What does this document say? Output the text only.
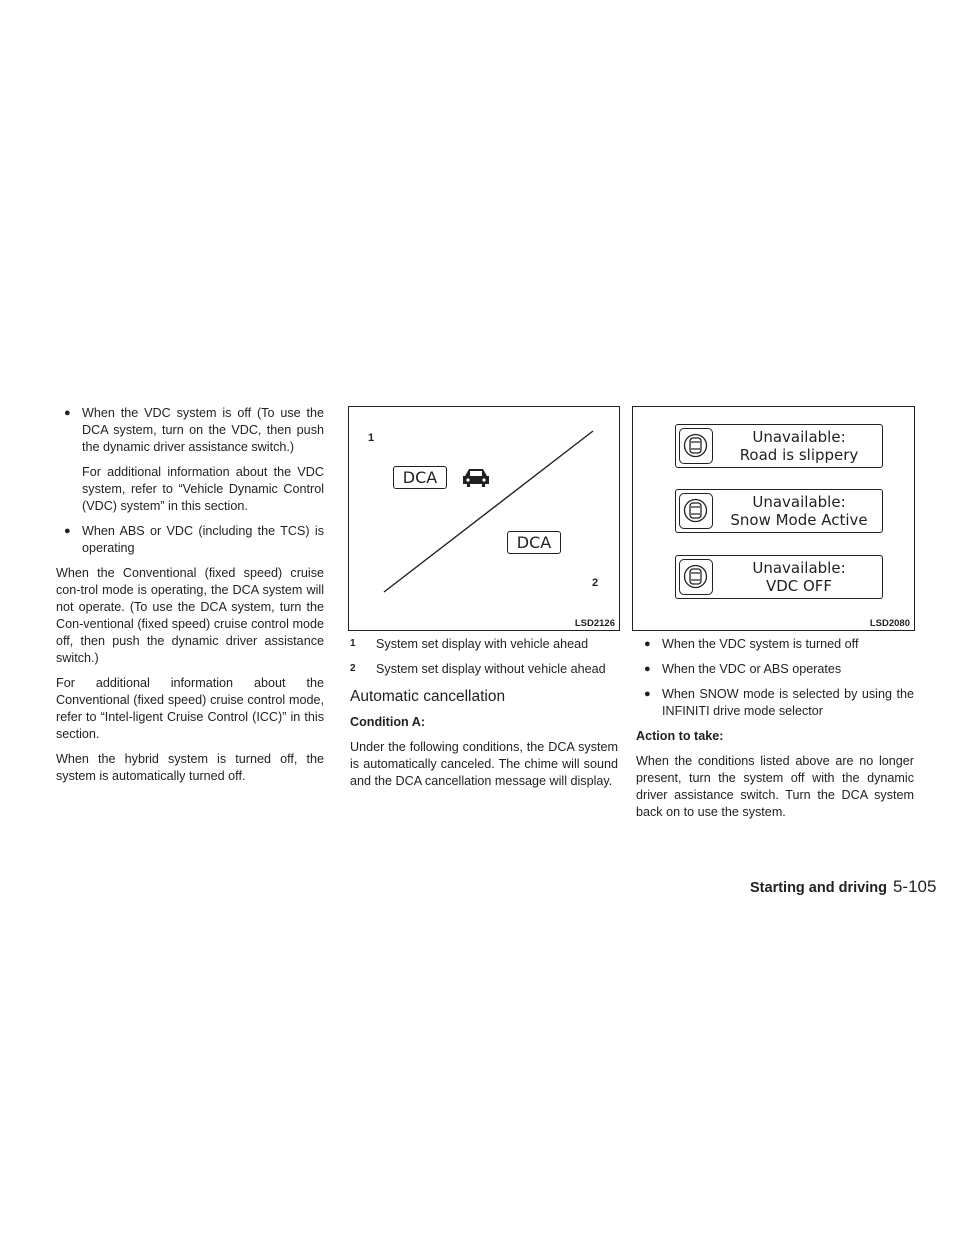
● When the VDC system is off (To use the DCA system, turn on the VDC, then push the dynamic driver assistance switch.)
For additional information about the VDC system, refer to “Vehicle Dynamic Control (VDC) system” in this section.
● When ABS or VDC (including the TCS) is operating

When the Conventional (fixed speed) cruise con-trol mode is operating, the DCA system will not operate. (To use the DCA system, turn the Con-ventional (fixed speed) cruise control mode off, then push the dynamic driver assistance switch.)

For additional information about the Conventional (fixed speed) cruise control mode, refer to “Intel-ligent Cruise Control (ICC)” in this section.

When the hybrid system is turned off, the system is automatically turned off.

1
DCA
DCA
2
LSD2126
1 System set display with vehicle ahead
2 System set display without vehicle ahead
Automatic cancellation
Condition A:

Under the following conditions, the DCA system is automatically canceled. The chime will sound and the DCA cancellation message will display.

Unavailable:
Road is slippery
Unavailable:
Snow Mode Active
Unavailable:
VDC OFF
LSD2080
● When the VDC system is turned off
● When the VDC or ABS operates
● When SNOW mode is selected by using the INFINITI drive mode selector
Action to take:

When the conditions listed above are no longer present, turn the system off with the dynamic driver assistance switch. Turn the DCA system back on to use the system.

Starting and driving 5-105
